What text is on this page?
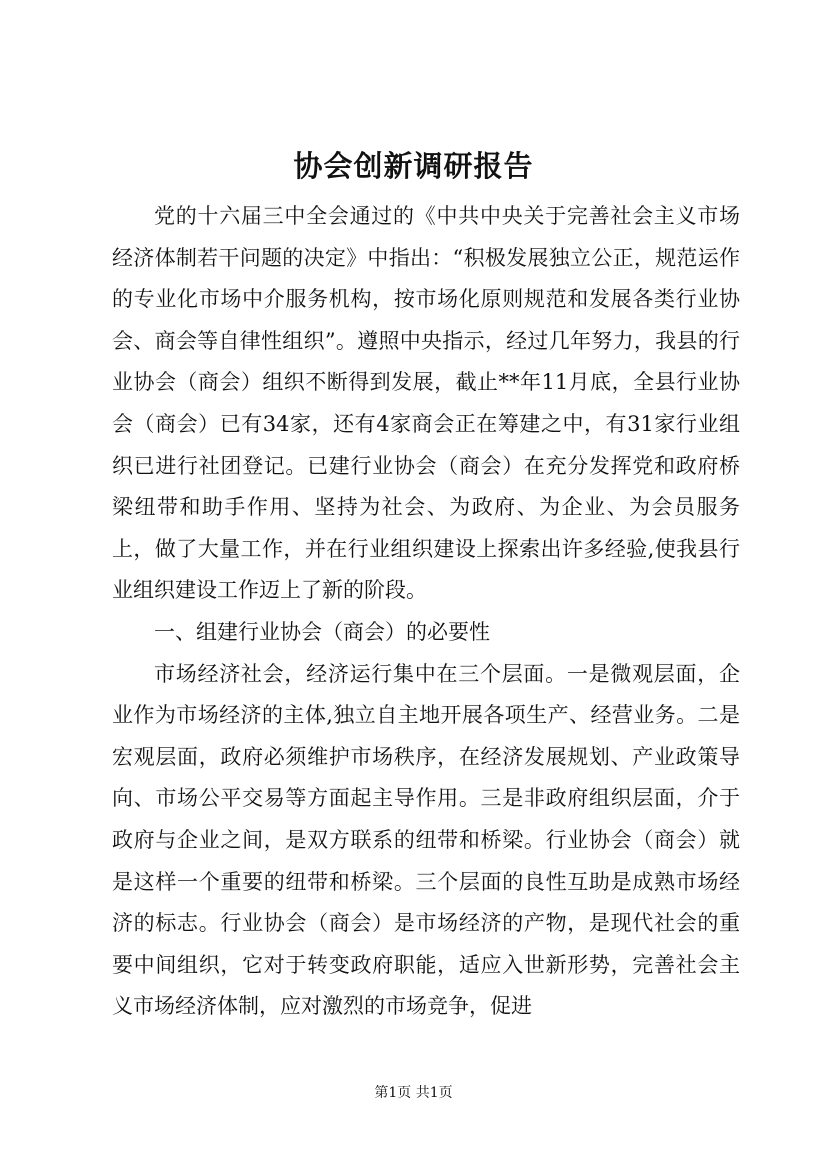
协会创新调研报告

党的十六届三中全会通过的《中共中央关于完善社会主义市场经济体制若干问题的决定》中指出：“积极发展独立公正，规范运作的专业化市场中介服务机构，按市场化原则规范和发展各类行业协会、商会等自律性组织”。遵照中央指示，经过几年努力，我县的行业协会（商会）组织不断得到发展，截止**年11月底，全县行业协会（商会）已有34家，还有4家商会正在筹建之中，有31家行业组织已进行社团登记。已建行业协会（商会）在充分发挥党和政府桥梁纽带和助手作用、坚持为社会、为政府、为企业、为会员服务上，做了大量工作，并在行业组织建设上探索出许多经验,使我县行业组织建设工作迈上了新的阶段。

一、组建行业协会（商会）的必要性

市场经济社会，经济运行集中在三个层面。一是微观层面，企业作为市场经济的主体,独立自主地开展各项生产、经营业务。二是宏观层面，政府必须维护市场秩序，在经济发展规划、产业政策导向、市场公平交易等方面起主导作用。三是非政府组织层面，介于政府与企业之间，是双方联系的纽带和桥梁。行业协会（商会）就是这样一个重要的纽带和桥梁。三个层面的良性互助是成熟市场经济的标志。行业协会（商会）是市场经济的产物，是现代社会的重要中间组织，它对于转变政府职能，适应入世新形势，完善社会主义市场经济体制，应对激烈的市场竞争，促进

第1页 共1页
